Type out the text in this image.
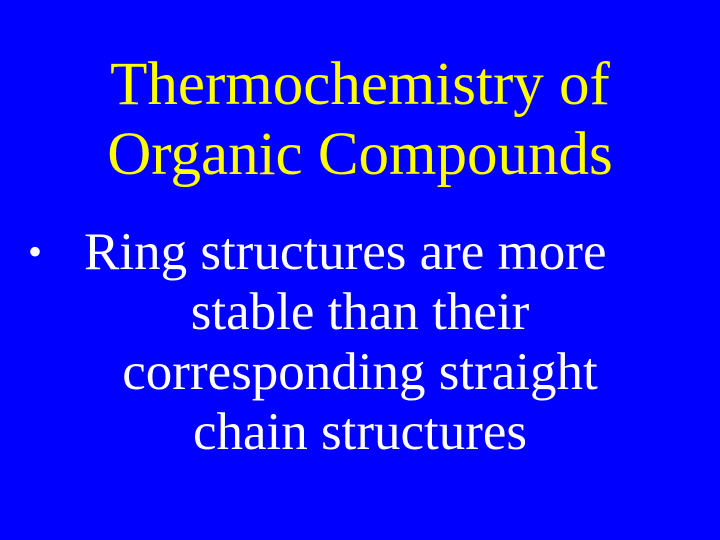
Thermochemistry of
Organic Compounds
• Ring structures are more
stable than their
corresponding straight
chain structures
